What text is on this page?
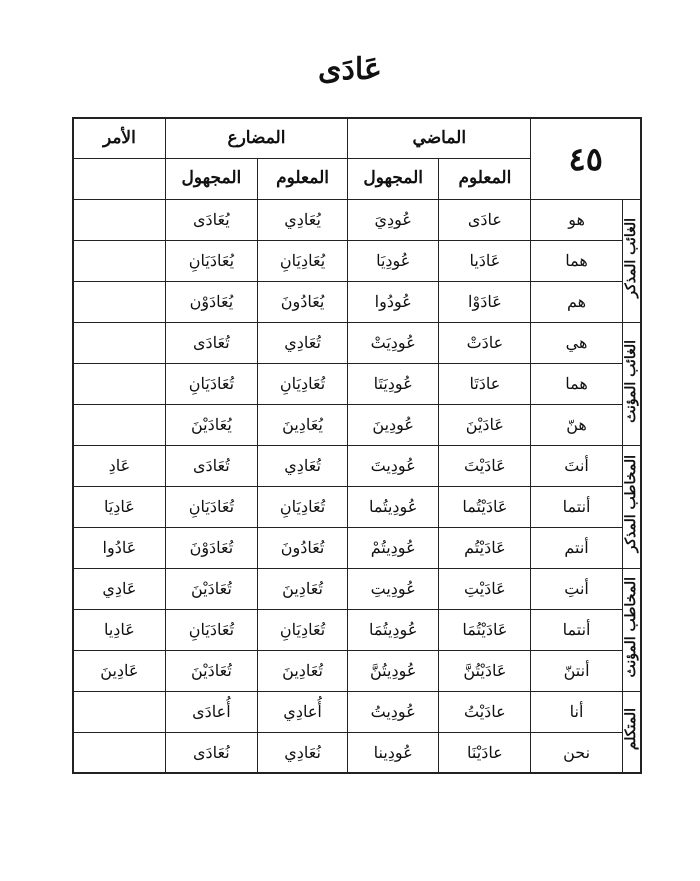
عَادَى
٤٥		الماضي		المضارع		الأمر
		المعلوم	المجهول	المعلوم	المجهول	
الغائب المذكر	هو	عادَى	عُودِيَ	يُعَادِي	يُعَادَى	
	هما	عَادَيا	عُودِيَا	يُعَادِيَانِ	يُعَادَيَانِ	
	هم	عَادَوْا	عُودُوا	يُعَادُونَ	يُعَادَوْن	
الغائب المؤنث	هي	عادَتْ	عُودِيَتْ	تُعَادِي	تُعَادَى	
	هما	عادَتَا	عُودِيَتَا	تُعَادِيَانِ	تُعَادَيَانِ	
	هنّ	عَادَيْنَ	عُودِينَ	يُعَادِينَ	يُعَادَيْنَ	
المخاطب المذكر	أنتَ	عَادَيْتَ	عُودِيتَ	تُعَادِي	تُعَادَى	عَادِ
	أنتما	عَادَيْتُما	عُودِيتُما	تُعَادِيَانِ	تُعَادَيَانِ	عَادِيَا
	أنتم	عَادَيْتُم	عُودِيتُمْ	تُعَادُونَ	تُعَادَوْنَ	عَادُوا
المخاطب المؤنث	أنتِ	عَادَيْتِ	عُودِيتِ	تُعَادِينَ	تُعَادَيْنَ	عَادِي
	أنتما	عَادَيْتُمَا	عُودِيتُمَا	تُعَادِيَانِ	تُعَادَيَانِ	عَادِيا
	أنتنّ	عَادَيْتُنَّ	عُودِيتُنَّ	تُعَادِينَ	تُعَادَيْنَ	عَادِينَ
المتكلم	أنا	عادَيْتُ	عُودِيتُ	أُعادِي	أُعادَى	
	نحن	عادَيْنَا	عُودِينا	نُعَادِي	نُعَادَى	
